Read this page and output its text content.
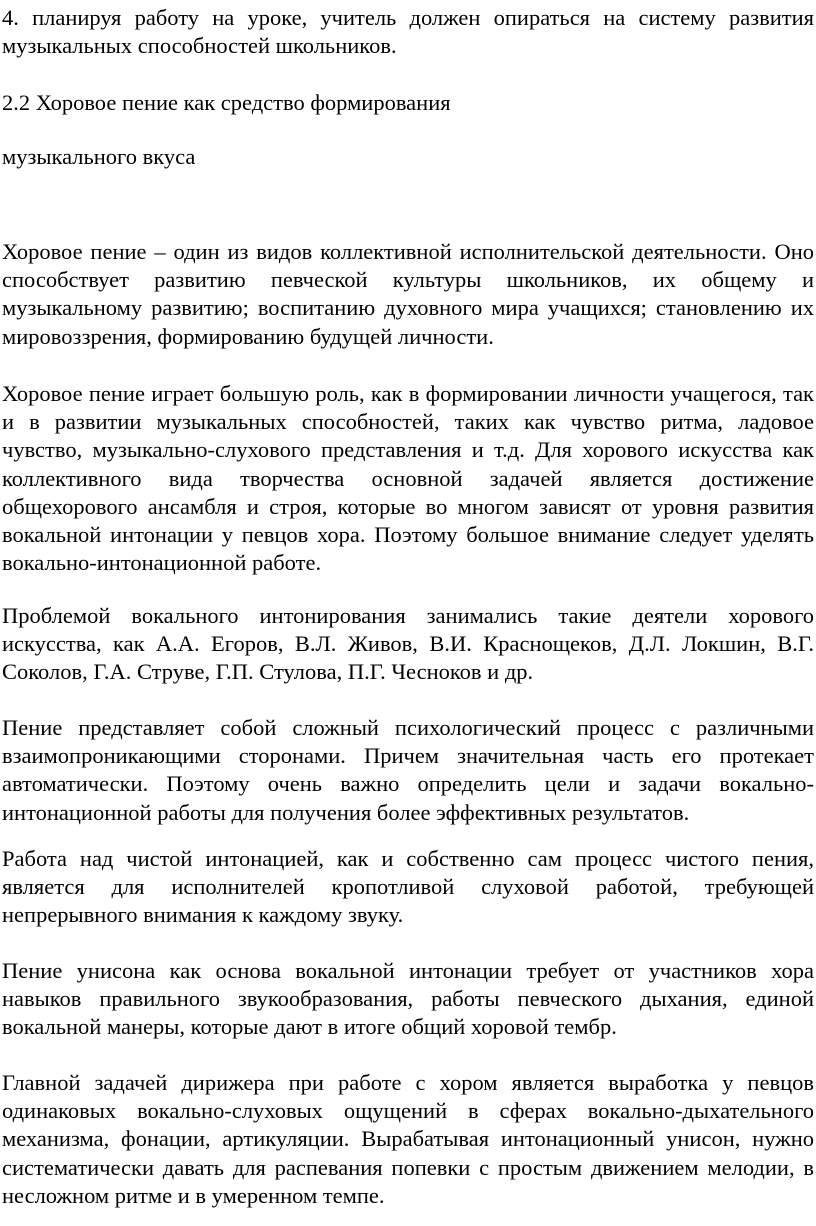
4. планируя работу на уроке, учитель должен опираться на систему развития музыкальных способностей школьников.

2.2 Хоровое пение как средство формирования

музыкального вкуса

Хоровое пение – один из видов коллективной исполнительской деятельности. Оно способствует развитию певческой культуры школьников, их общему и музыкальному развитию; воспитанию духовного мира учащихся; становлению их мировоззрения, формированию будущей личности.

Хоровое пение играет большую роль, как в формировании личности учащегося, так и в развитии музыкальных способностей, таких как чувство ритма, ладовое чувство, музыкально-слухового представления и т.д. Для хорового искусства как коллективного вида творчества основной задачей является достижение общехорового ансамбля и строя, которые во многом зависят от уровня развития вокальной интонации у певцов хора. Поэтому большое внимание следует уделять вокально-интонационной работе.

Проблемой вокального интонирования занимались такие деятели хорового искусства, как А.А. Егоров, В.Л. Живов, В.И. Краснощеков, Д.Л. Локшин, В.Г. Соколов, Г.А. Струве, Г.П. Стулова, П.Г. Чесноков и др.

Пение представляет собой сложный психологический процесс с различными взаимопроникающими сторонами. Причем значительная часть его протекает автоматически. Поэтому очень важно определить цели и задачи вокально-интонационной работы для получения более эффективных результатов.

Работа над чистой интонацией, как и собственно сам процесс чистого пения, является для исполнителей кропотливой слуховой работой, требующей непрерывного внимания к каждому звуку.

Пение унисона как основа вокальной интонации требует от участников хора навыков правильного звукообразования, работы певческого дыхания, единой вокальной манеры, которые дают в итоге общий хоровой тембр.

Главной задачей дирижера при работе с хором является выработка у певцов одинаковых вокально-слуховых ощущений в сферах вокально-дыхательного механизма, фонации, артикуляции. Вырабатывая интонационный унисон, нужно систематически давать для распевания попевки с простым движением мелодии, в несложном ритме и в умеренном темпе.
